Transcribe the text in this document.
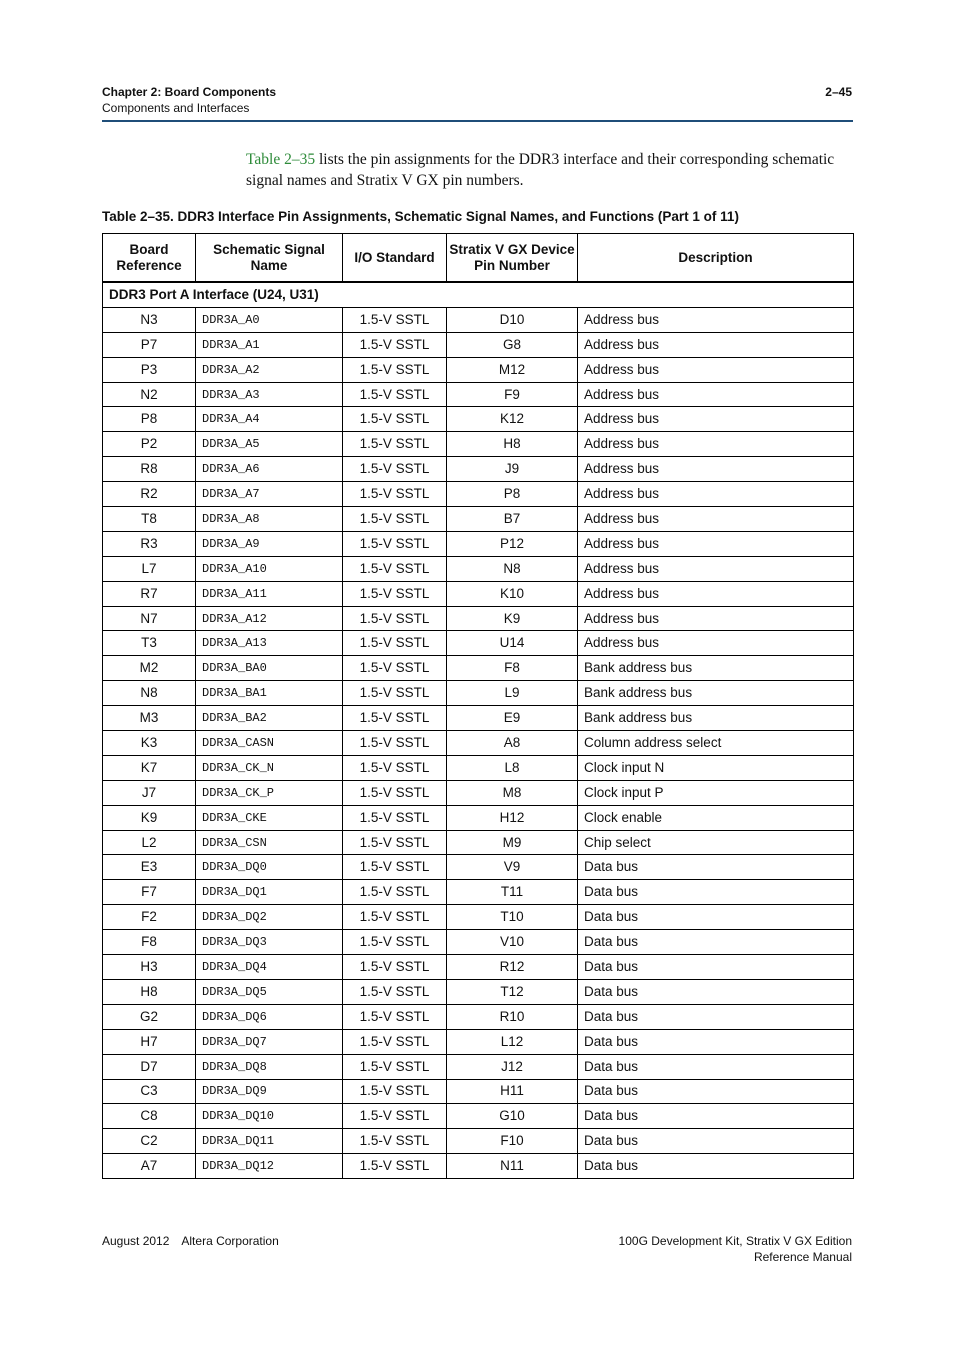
Chapter 2: Board Components
Components and Interfaces
2–45

Table 2–35 lists the pin assignments for the DDR3 interface and their corresponding schematic signal names and Stratix V GX pin numbers.

Table 2–35. DDR3 Interface Pin Assignments, Schematic Signal Names, and Functions (Part 1 of 11)
Board Reference	Schematic Signal Name	I/O Standard	Stratix V GX Device Pin Number	Description
DDR3 Port A Interface (U24, U31)				
N3	DDR3A_A0	1.5-V SSTL	D10	Address bus
P7	DDR3A_A1	1.5-V SSTL	G8	Address bus
P3	DDR3A_A2	1.5-V SSTL	M12	Address bus
N2	DDR3A_A3	1.5-V SSTL	F9	Address bus
P8	DDR3A_A4	1.5-V SSTL	K12	Address bus
P2	DDR3A_A5	1.5-V SSTL	H8	Address bus
R8	DDR3A_A6	1.5-V SSTL	J9	Address bus
R2	DDR3A_A7	1.5-V SSTL	P8	Address bus
T8	DDR3A_A8	1.5-V SSTL	B7	Address bus
R3	DDR3A_A9	1.5-V SSTL	P12	Address bus
L7	DDR3A_A10	1.5-V SSTL	N8	Address bus
R7	DDR3A_A11	1.5-V SSTL	K10	Address bus
N7	DDR3A_A12	1.5-V SSTL	K9	Address bus
T3	DDR3A_A13	1.5-V SSTL	U14	Address bus
M2	DDR3A_BA0	1.5-V SSTL	F8	Bank address bus
N8	DDR3A_BA1	1.5-V SSTL	L9	Bank address bus
M3	DDR3A_BA2	1.5-V SSTL	E9	Bank address bus
K3	DDR3A_CASN	1.5-V SSTL	A8	Column address select
K7	DDR3A_CK_N	1.5-V SSTL	L8	Clock input N
J7	DDR3A_CK_P	1.5-V SSTL	M8	Clock input P
K9	DDR3A_CKE	1.5-V SSTL	H12	Clock enable
L2	DDR3A_CSN	1.5-V SSTL	M9	Chip select
E3	DDR3A_DQ0	1.5-V SSTL	V9	Data bus
F7	DDR3A_DQ1	1.5-V SSTL	T11	Data bus
F2	DDR3A_DQ2	1.5-V SSTL	T10	Data bus
F8	DDR3A_DQ3	1.5-V SSTL	V10	Data bus
H3	DDR3A_DQ4	1.5-V SSTL	R12	Data bus
H8	DDR3A_DQ5	1.5-V SSTL	T12	Data bus
G2	DDR3A_DQ6	1.5-V SSTL	R10	Data bus
H7	DDR3A_DQ7	1.5-V SSTL	L12	Data bus
D7	DDR3A_DQ8	1.5-V SSTL	J12	Data bus
C3	DDR3A_DQ9	1.5-V SSTL	H11	Data bus
C8	DDR3A_DQ10	1.5-V SSTL	G10	Data bus
C2	DDR3A_DQ11	1.5-V SSTL	F10	Data bus
A7	DDR3A_DQ12	1.5-V SSTL	N11	Data bus
August 2012 Altera Corporation	100G Development Kit, Stratix V GX Edition
Reference Manual
